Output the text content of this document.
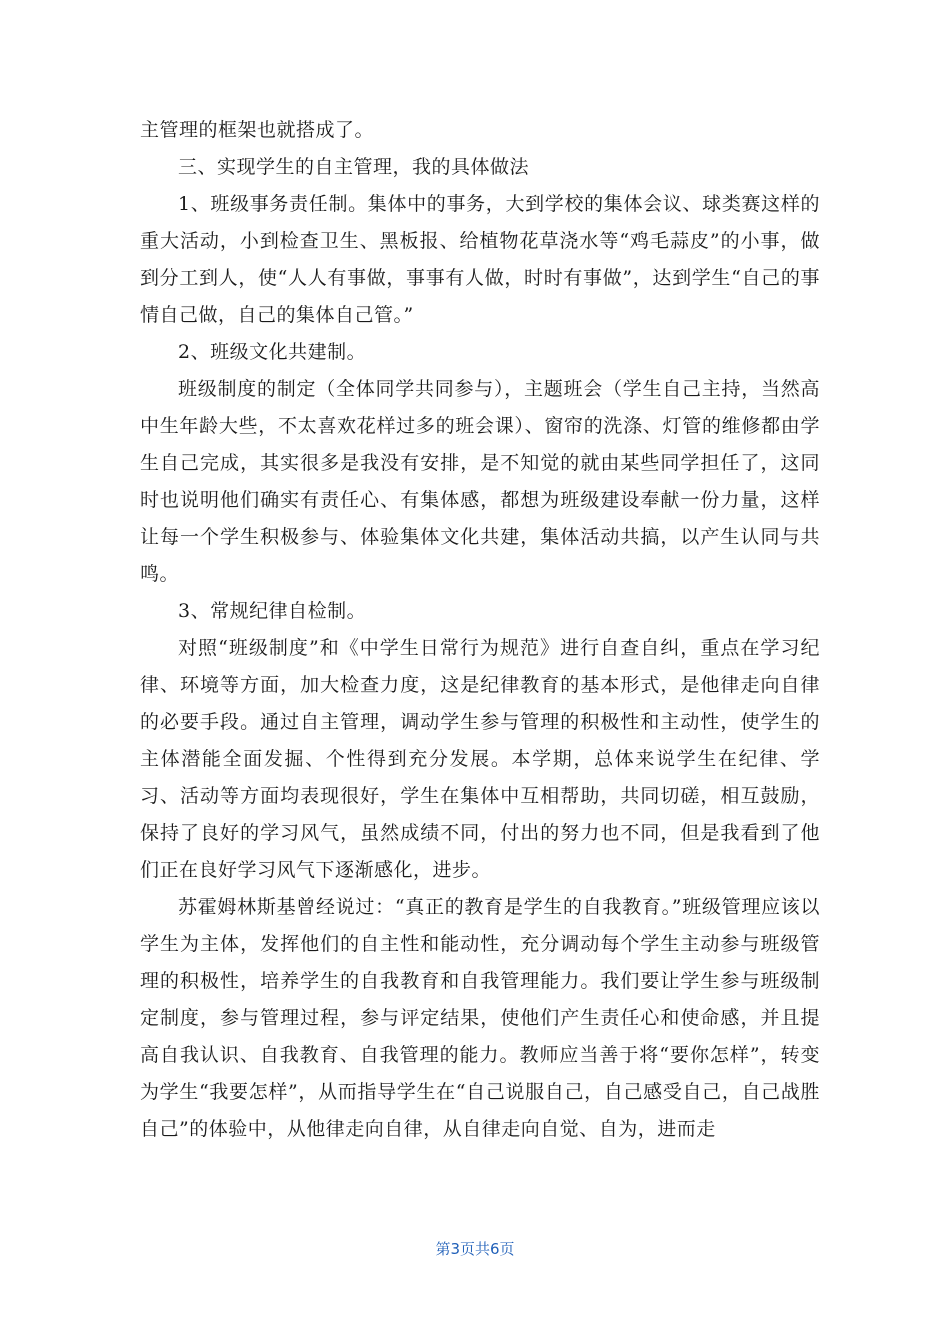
主管理的框架也就搭成了。

三、实现学生的自主管理，我的具体做法

1、班级事务责任制。集体中的事务，大到学校的集体会议、球类赛这样的重大活动，小到检查卫生、黑板报、给植物花草浇水等“鸡毛蒜皮”的小事，做到分工到人，使“人人有事做，事事有人做，时时有事做”，达到学生“自己的事情自己做，自己的集体自己管。”

2、班级文化共建制。

班级制度的制定（全体同学共同参与），主题班会（学生自己主持，当然高中生年龄大些，不太喜欢花样过多的班会课）、窗帘的洗涤、灯管的维修都由学生自己完成，其实很多是我没有安排，是不知觉的就由某些同学担任了，这同时也说明他们确实有责任心、有集体感，都想为班级建设奉献一份力量，这样让每一个学生积极参与、体验集体文化共建，集体活动共搞，以产生认同与共鸣。

3、常规纪律自检制。

对照“班级制度”和《中学生日常行为规范》进行自查自纠，重点在学习纪律、环境等方面，加大检查力度，这是纪律教育的基本形式，是他律走向自律的必要手段。通过自主管理，调动学生参与管理的积极性和主动性，使学生的主体潜能全面发掘、个性得到充分发展。本学期，总体来说学生在纪律、学习、活动等方面均表现很好，学生在集体中互相帮助，共同切磋，相互鼓励，保持了良好的学习风气，虽然成绩不同，付出的努力也不同，但是我看到了他们正在良好学习风气下逐渐感化，进步。

苏霍姆林斯基曾经说过：“真正的教育是学生的自我教育。”班级管理应该以学生为主体，发挥他们的自主性和能动性，充分调动每个学生主动参与班级管理的积极性，培养学生的自我教育和自我管理能力。我们要让学生参与班级制定制度，参与管理过程，参与评定结果，使他们产生责任心和使命感，并且提高自我认识、自我教育、自我管理的能力。教师应当善于将“要你怎样”，转变为学生“我要怎样”，从而指导学生在“自己说服自己，自己感受自己，自己战胜自己”的体验中，从他律走向自律，从自律走向自觉、自为，进而走

第3页共6页
